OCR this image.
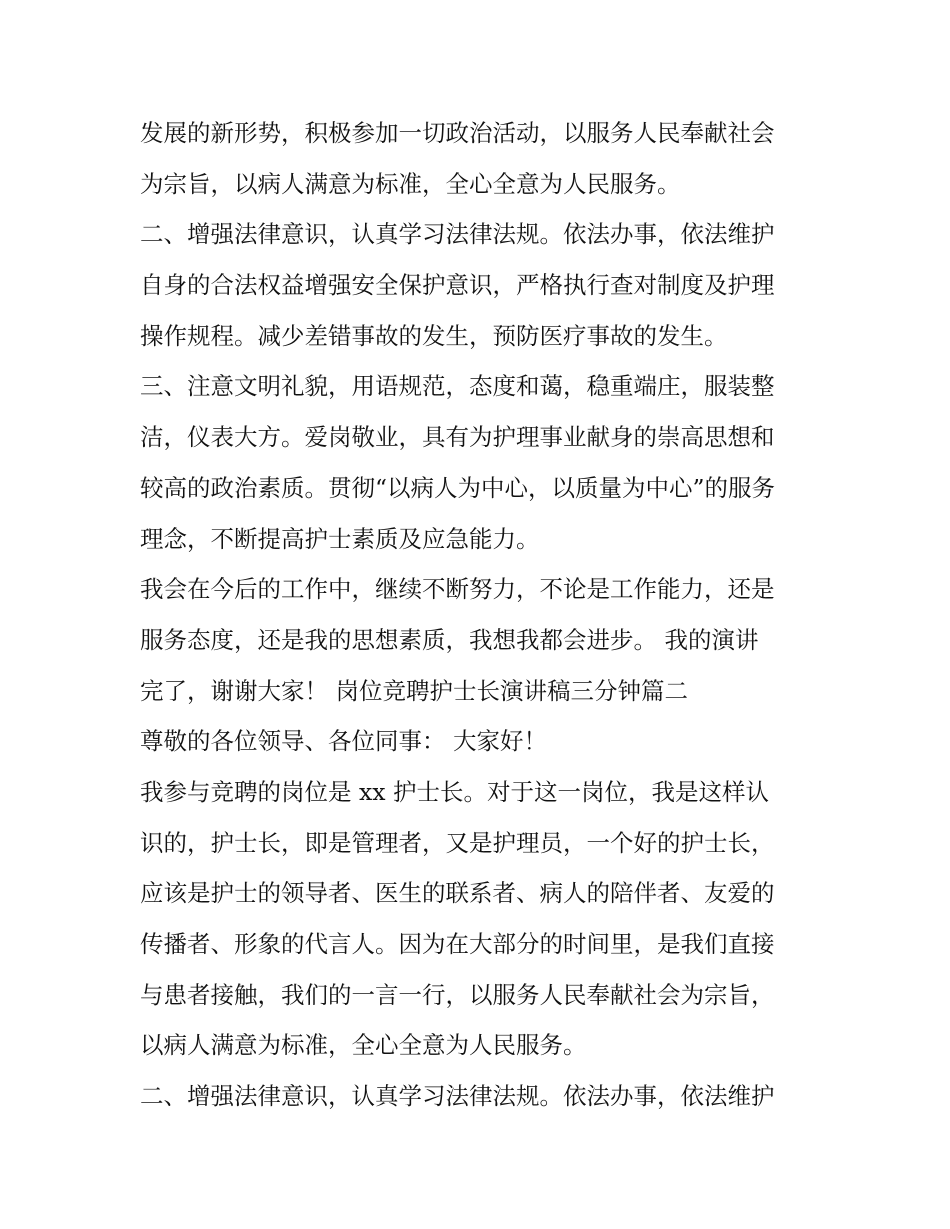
发展的新形势，积极参加一切政治活动，以服务人民奉献社会
为宗旨，以病人满意为标准，全心全意为人民服务。
二、增强法律意识，认真学习法律法规。依法办事，依法维护
自身的合法权益增强安全保护意识，严格执行查对制度及护理
操作规程。减少差错事故的发生，预防医疗事故的发生。
三、注意文明礼貌，用语规范，态度和蔼，稳重端庄，服装整
洁，仪表大方。爱岗敬业，具有为护理事业献身的崇高思想和
较高的政治素质。贯彻“以病人为中心，以质量为中心”的服务
理念，不断提高护士素质及应急能力。
我会在今后的工作中，继续不断努力，不论是工作能力，还是
服务态度，还是我的思想素质，我想我都会进步。 我的演讲
完了，谢谢大家！ 岗位竞聘护士长演讲稿三分钟篇二
尊敬的各位领导、各位同事： 大家好！
我参与竞聘的岗位是 xx 护士长。对于这一岗位，我是这样认
识的，护士长，即是管理者，又是护理员，一个好的护士长，
应该是护士的领导者、医生的联系者、病人的陪伴者、友爱的
传播者、形象的代言人。因为在大部分的时间里，是我们直接
与患者接触，我们的一言一行，以服务人民奉献社会为宗旨，
以病人满意为标准，全心全意为人民服务。
二、增强法律意识，认真学习法律法规。依法办事，依法维护
